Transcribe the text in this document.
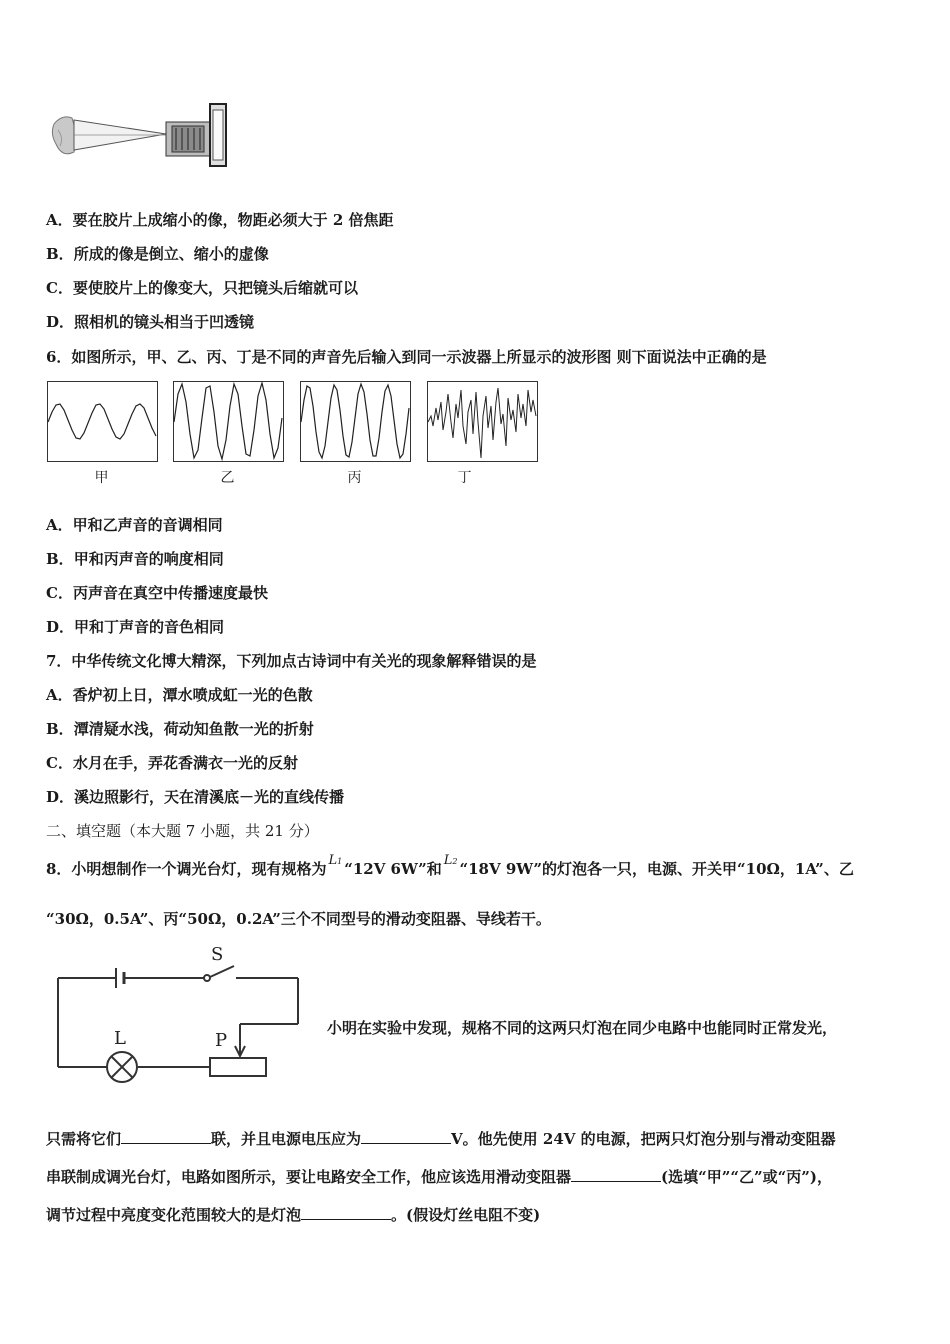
A．要在胶片上成缩小的像，物距必须大于 2 倍焦距
B．所成的像是倒立、缩小的虚像
C．要使胶片上的像变大，只把镜头后缩就可以
D．照相机的镜头相当于凹透镜
6．如图所示，甲、乙、丙、丁是不同的声音先后输入到同一示波器上所显示的波形图 则下面说法中正确的是
甲	乙	丙	丁
A．甲和乙声音的音调相同
B．甲和丙声音的响度相同
C．丙声音在真空中传播速度最快
D．甲和丁声音的音色相同
7．中华传统文化博大精深，下列加点古诗词中有关光的现象解释错误的是
A．香炉初上日，潭水喷成虹一光的色散
B．潭清疑水浅，荷动知鱼散一光的折射
C．水月在手，弄花香满衣一光的反射
D．溪边照影行，天在清溪底－光的直线传播
二、填空题（本大题 7 小题，共 21 分）
8．小明想制作一个调光台灯，现有规格为 L1 “12V 6W”和 L2 “18V 9W”的灯泡各一只，电源、开关甲“10Ω，1A”、乙
“30Ω，0.5A”、丙“50Ω，0.2A”三个不同型号的滑动变阻器、导线若干。
S
L	P
小明在实验中发现，规格不同的这两只灯泡在同少电路中也能同时正常发光，
只需将它们	联，并且电源电压应为	V。他先使用 24V 的电源，把两只灯泡分别与滑动变阻器
串联制成调光台灯，电路如图所示，要让电路安全工作，他应该选用滑动变阻器	(选填“甲”“乙”或“丙”)，
调节过程中亮度变化范围较大的是灯泡	。(假设灯丝电阻不变)
